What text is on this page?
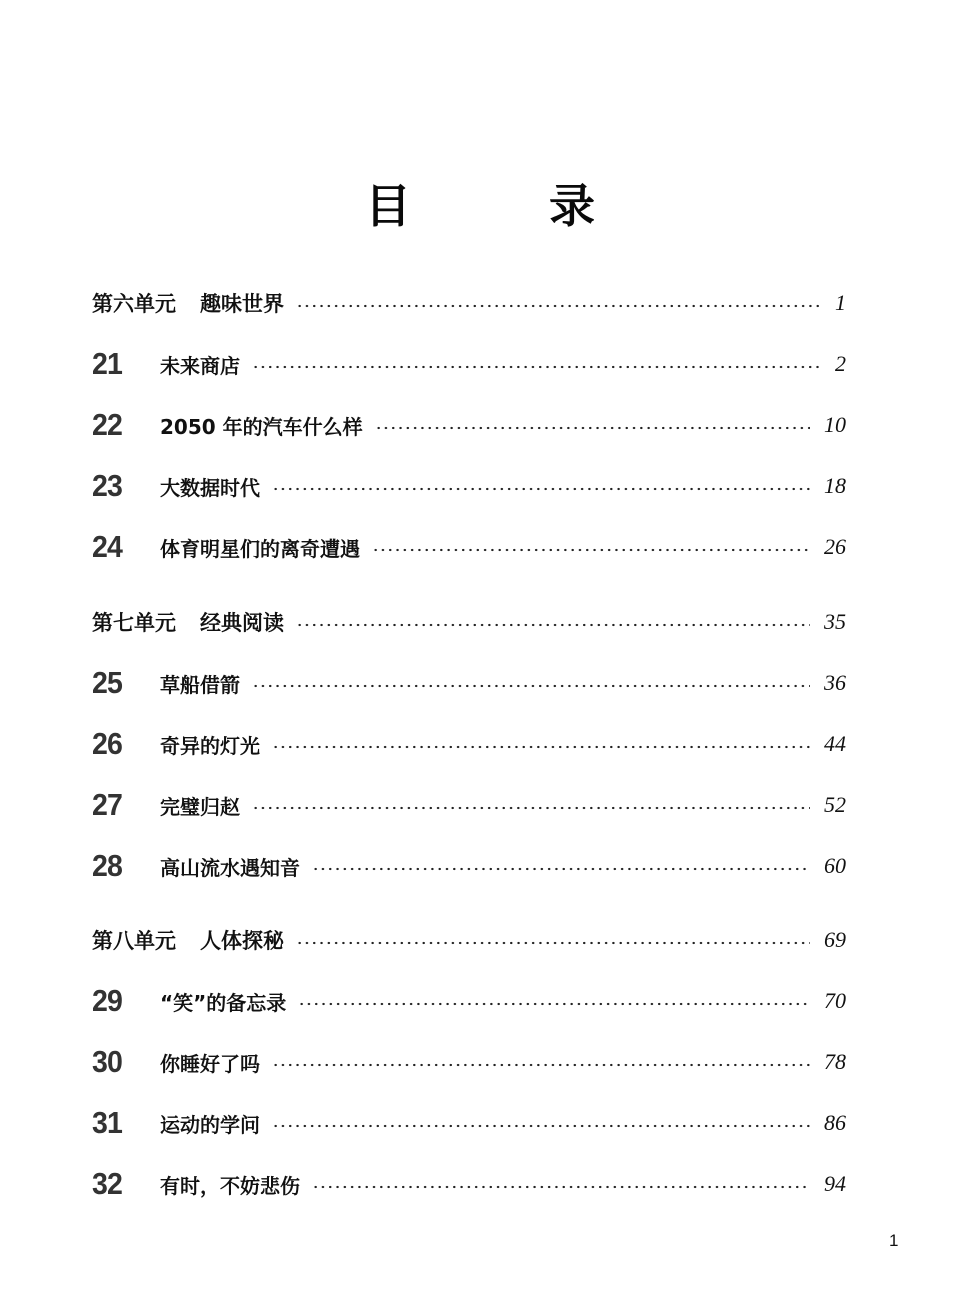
目　录
第六单元 趣味世界	1
21	未来商店	2
22	2050 年的汽车什么样	10
23	大数据时代	18
24	体育明星们的离奇遭遇	26
第七单元 经典阅读	35
25	草船借箭	36
26	奇异的灯光	44
27	完璧归赵	52
28	高山流水遇知音	60
第八单元 人体探秘	69
29	“笑”的备忘录	70
30	你睡好了吗	78
31	运动的学问	86
32	有时，不妨悲伤	94
1
